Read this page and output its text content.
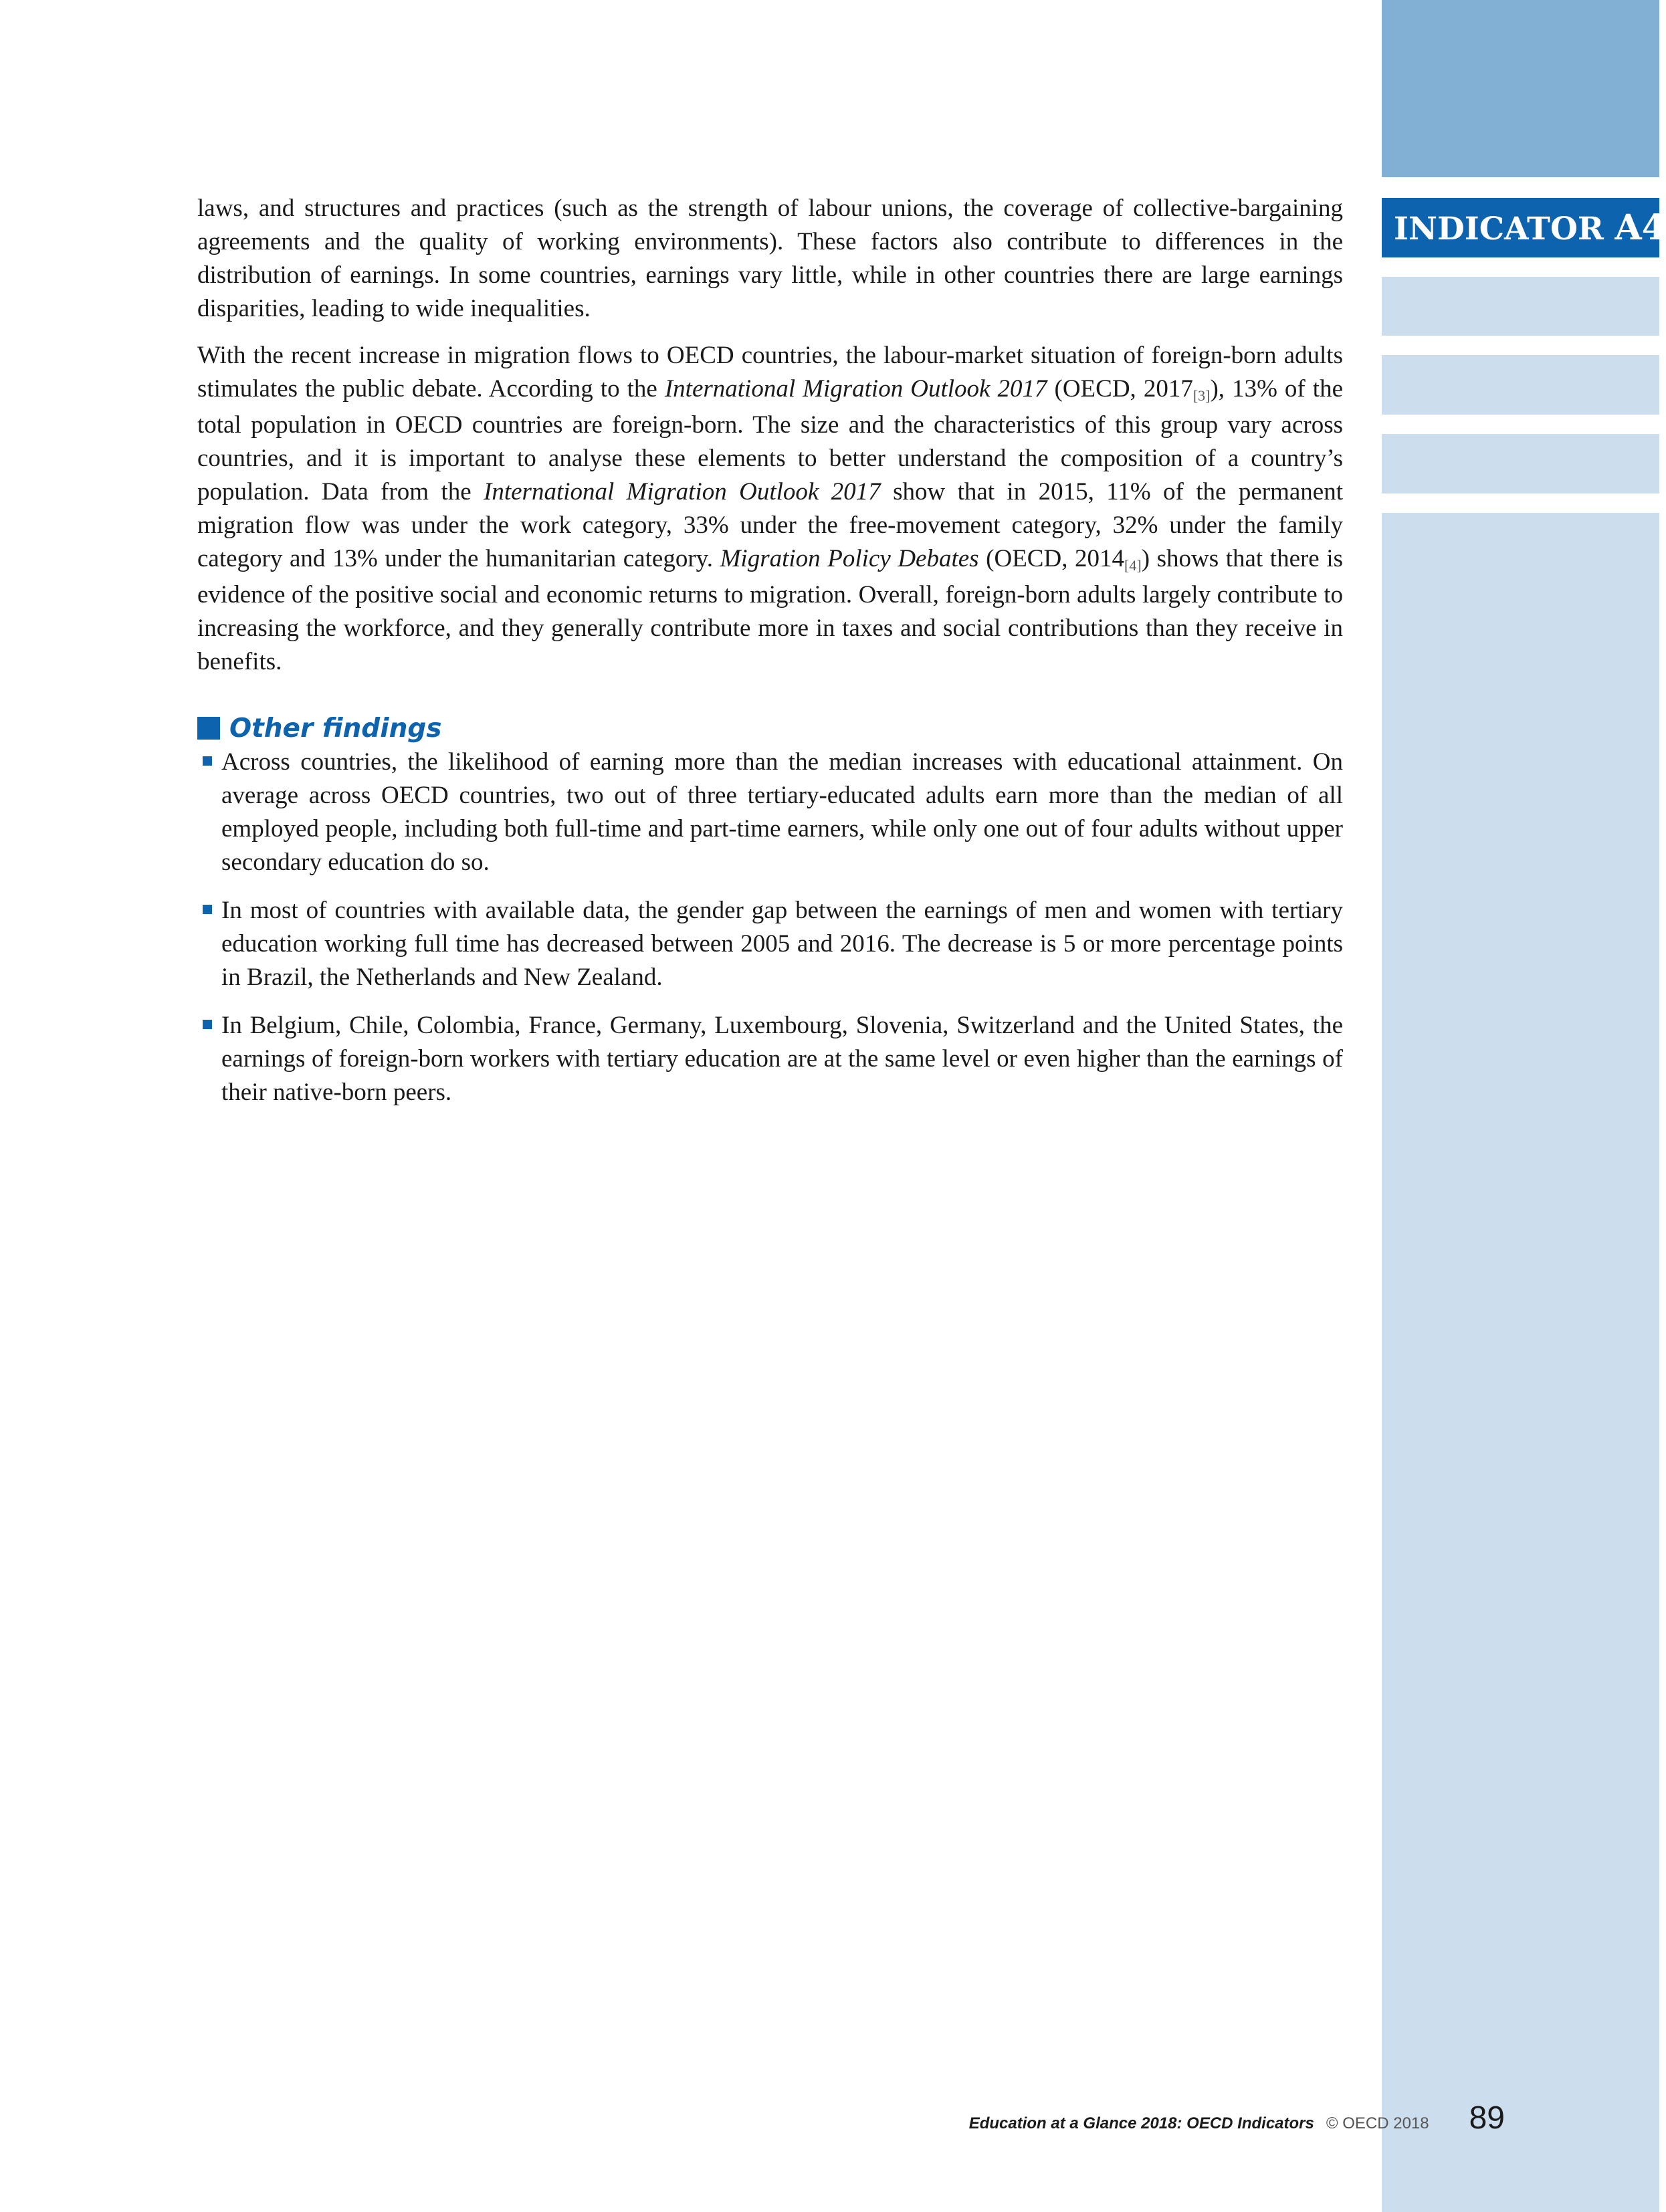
INDICATOR A4

laws, and structures and practices (such as the strength of labour unions, the coverage of collective-bargaining agreements and the quality of working environments). These factors also contribute to differences in the distribution of earnings. In some countries, earnings vary little, while in other countries there are large earnings disparities, leading to wide inequalities.

With the recent increase in migration flows to OECD countries, the labour-market situation of foreign-born adults stimulates the public debate. According to the International Migration Outlook 2017 (OECD, $2017_{[3]}$), 13% of the total population in OECD countries are foreign-born. The size and the characteristics of this group vary across countries, and it is important to analyse these elements to better understand the composition of a country’s population. Data from the International Migration Outlook 2017 show that in 2015, 11% of the permanent migration flow was under the work category, 33% under the free-movement category, 32% under the family category and 13% under the humanitarian category. Migration Policy Debates (OECD, $2014_{[4]}$) shows that there is evidence of the positive social and economic returns to migration. Overall, foreign-born adults largely contribute to increasing the workforce, and they generally contribute more in taxes and social contributions than they receive in benefits.

Other findings
Across countries, the likelihood of earning more than the median increases with educational attainment. On average across OECD countries, two out of three tertiary-educated adults earn more than the median of all employed people, including both full-time and part-time earners, while only one out of four adults without upper secondary education do so.
In most of countries with available data, the gender gap between the earnings of men and women with tertiary education working full time has decreased between 2005 and 2016. The decrease is 5 or more percentage points in Brazil, the Netherlands and New Zealand.
In Belgium, Chile, Colombia, France, Germany, Luxembourg, Slovenia, Switzerland and the United States, the earnings of foreign-born workers with tertiary education are at the same level or even higher than the earnings of their native-born peers.
Education at a Glance 2018: OECD Indicators © OECD 2018 89
